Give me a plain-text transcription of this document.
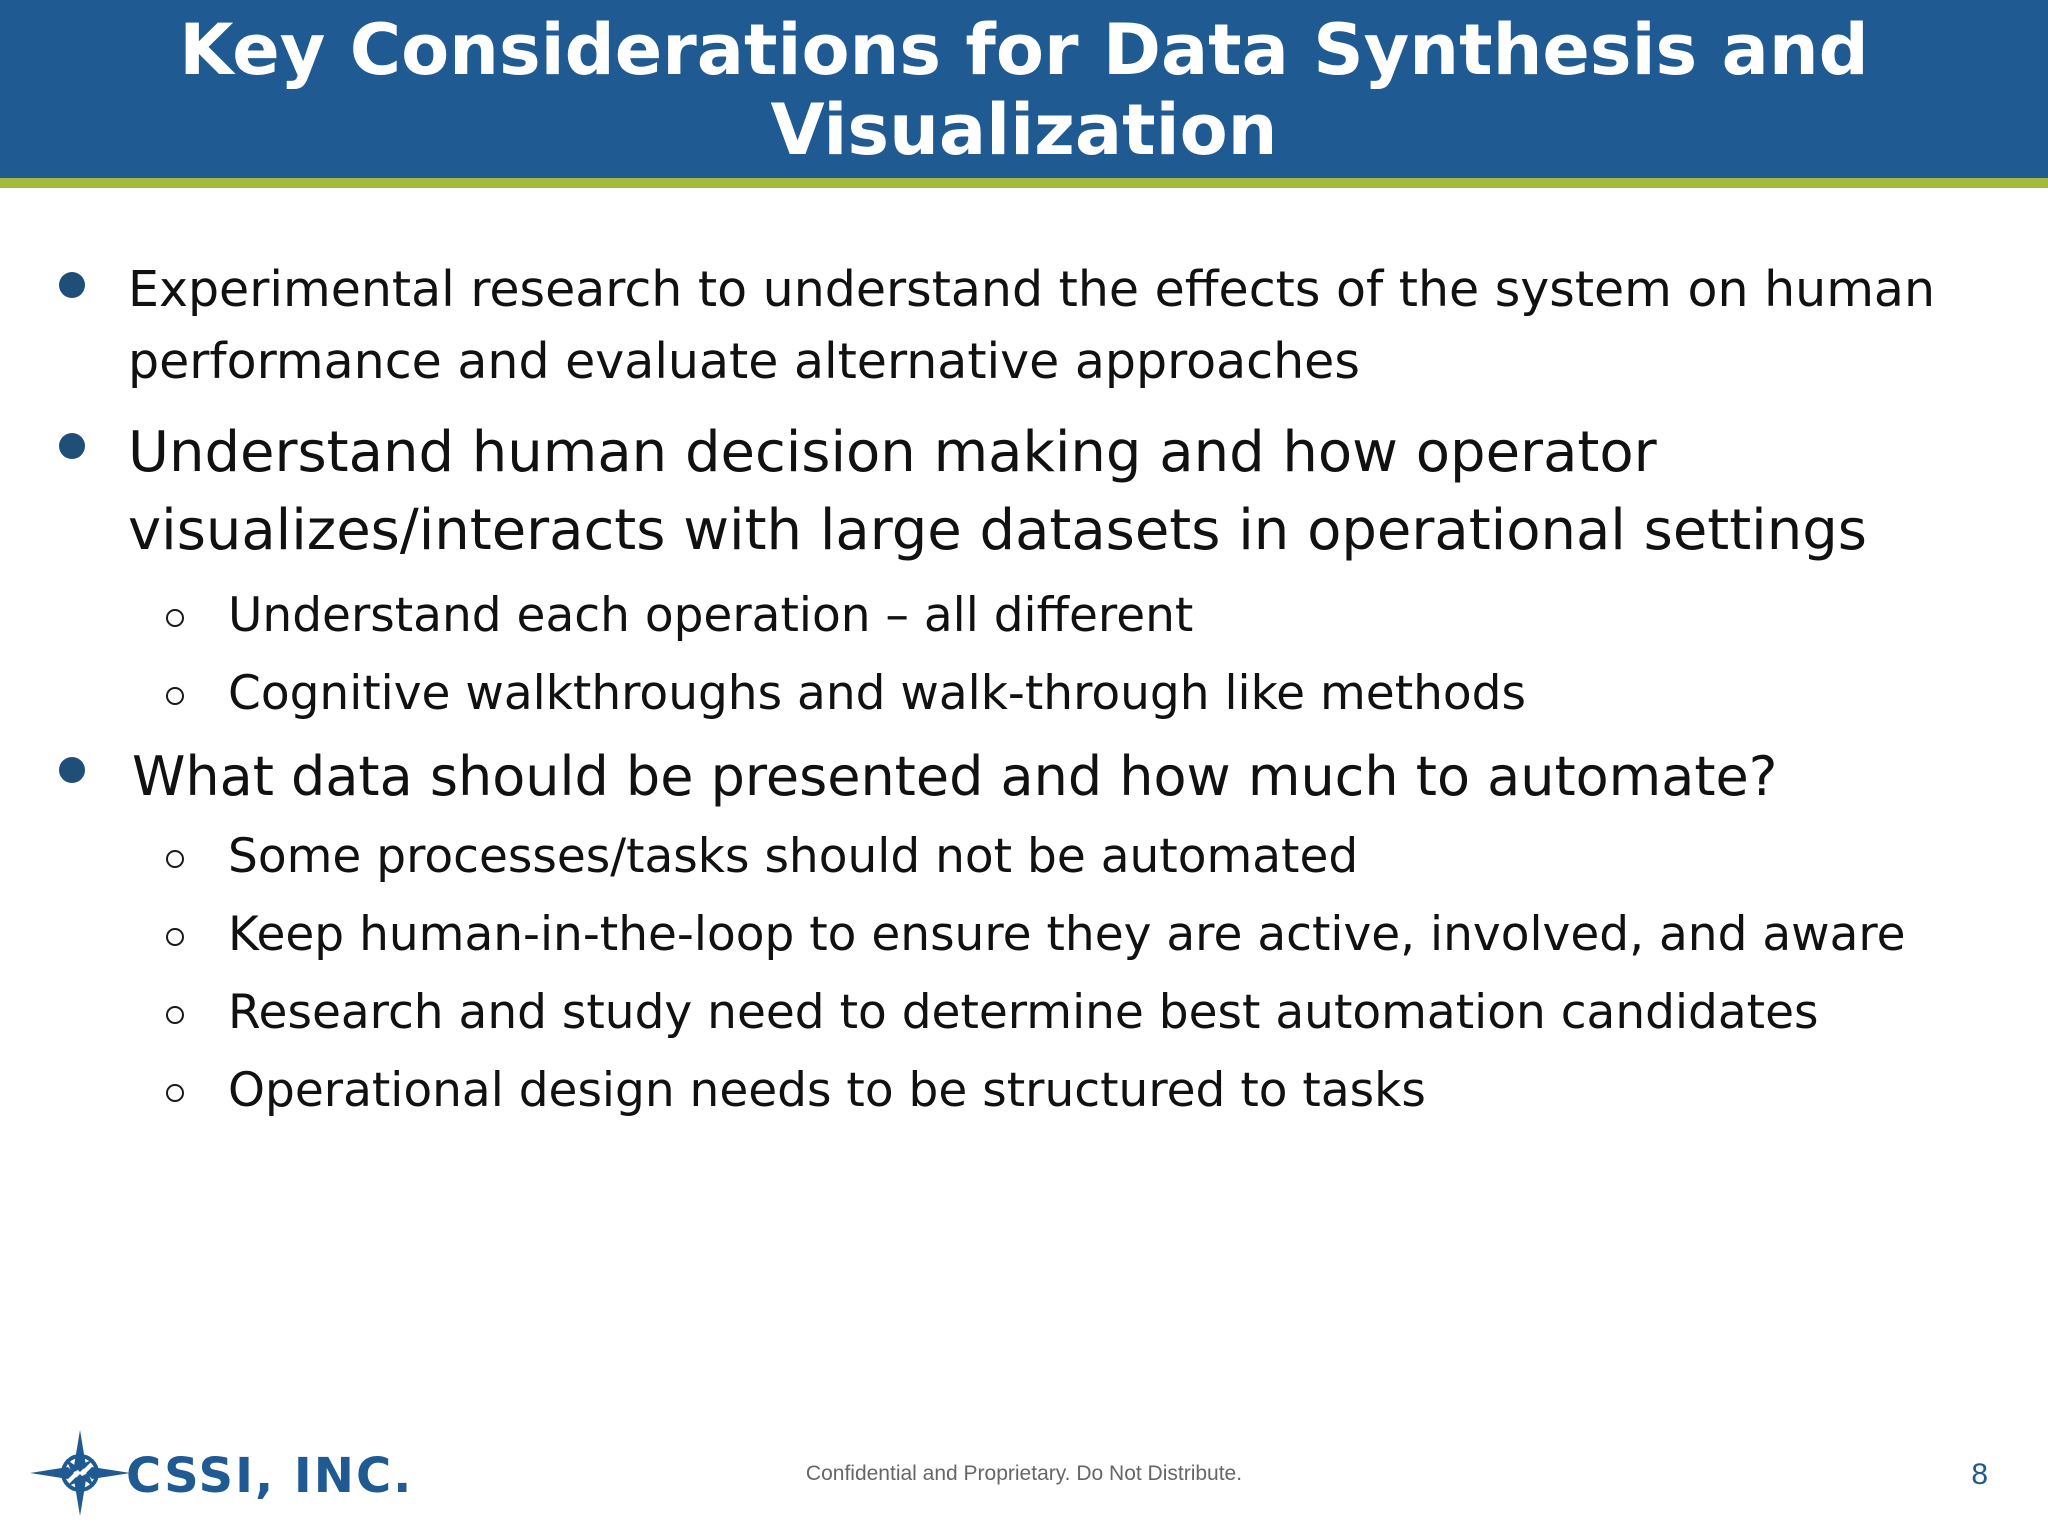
Key Considerations for Data Synthesis and
Visualization
Experimental research to understand the effects of the system on human
performance and evaluate alternative approaches
Understand human decision making and how operator
visualizes/interacts with large datasets in operational settings
Understand each operation – all different
Cognitive walkthroughs and walk-through like methods
What data should be presented and how much to automate?
Some processes/tasks should not be automated
Keep human-in-the-loop to ensure they are active, involved, and aware
Research and study need to determine best automation candidates
Operational design needs to be structured to tasks
CSSI, INC.	Confidential and Proprietary. Do Not Distribute.	8
